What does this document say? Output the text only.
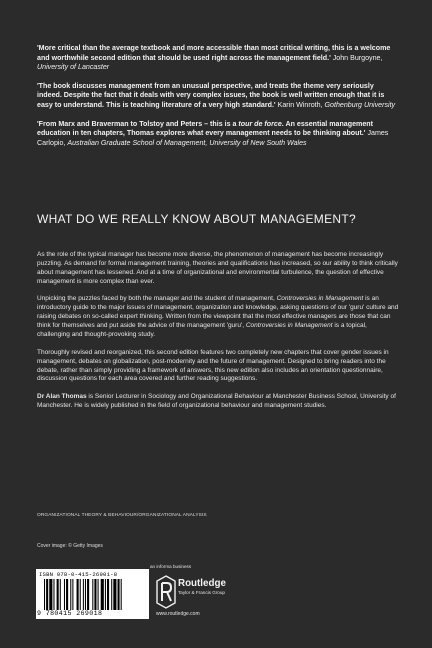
'More critical than the average textbook and more accessible than most critical writing, this is a welcome and worthwhile second edition that should be used right across the management field.' John Burgoyne, University of Lancaster

'The book discusses management from an unusual perspective, and treats the theme very seriously indeed. Despite the fact that it deals with very complex issues, the book is well written enough that it is easy to understand. This is teaching literature of a very high standard.' Karin Winroth, Gothenburg University

'From Marx and Braverman to Tolstoy and Peters – this is a tour de force. An essential management education in ten chapters, Thomas explores what every management needs to be thinking about.' James Carlopio, Australian Graduate School of Management, University of New South Wales

WHAT DO WE REALLY KNOW ABOUT MANAGEMENT?

As the role of the typical manager has become more diverse, the phenomenon of management has become increasingly puzzling. As demand for formal management training, theories and qualifications has increased, so our ability to think critically about management has lessened. And at a time of organizational and environmental turbulence, the question of effective management is more complex than ever.

Unpicking the puzzles faced by both the manager and the student of management, Controversies in Management is an introductory guide to the major issues of management, organization and knowledge, asking questions of our 'guru' culture and raising debates on so-called expert thinking. Written from the viewpoint that the most effective managers are those that can think for themselves and put aside the advice of the management 'guru', Controversies in Management is a topical, challenging and thought-provoking study.

Thoroughly revised and reorganized, this second edition features two completely new chapters that cover gender issues in management, debates on globalization, post-modernity and the future of management. Designed to bring readers into the debate, rather than simply providing a framework of answers, this new edition also includes an orientation questionnaire, discussion questions for each area covered and further reading suggestions.

Dr Alan Thomas is Senior Lecturer in Sociology and Organizational Behaviour at Manchester Business School, University of Manchester. He is widely published in the field of organizational behaviour and management studies.

ORGANIZATIONAL THEORY & BEHAVIOUR/ORGANIZATIONAL ANALYSIS
Cover image: © Getty Images
an informa business
ISBN 978-0-415-26901-8
9 780415 269018
Routledge
Taylor & Francis Group
www.routledge.com
